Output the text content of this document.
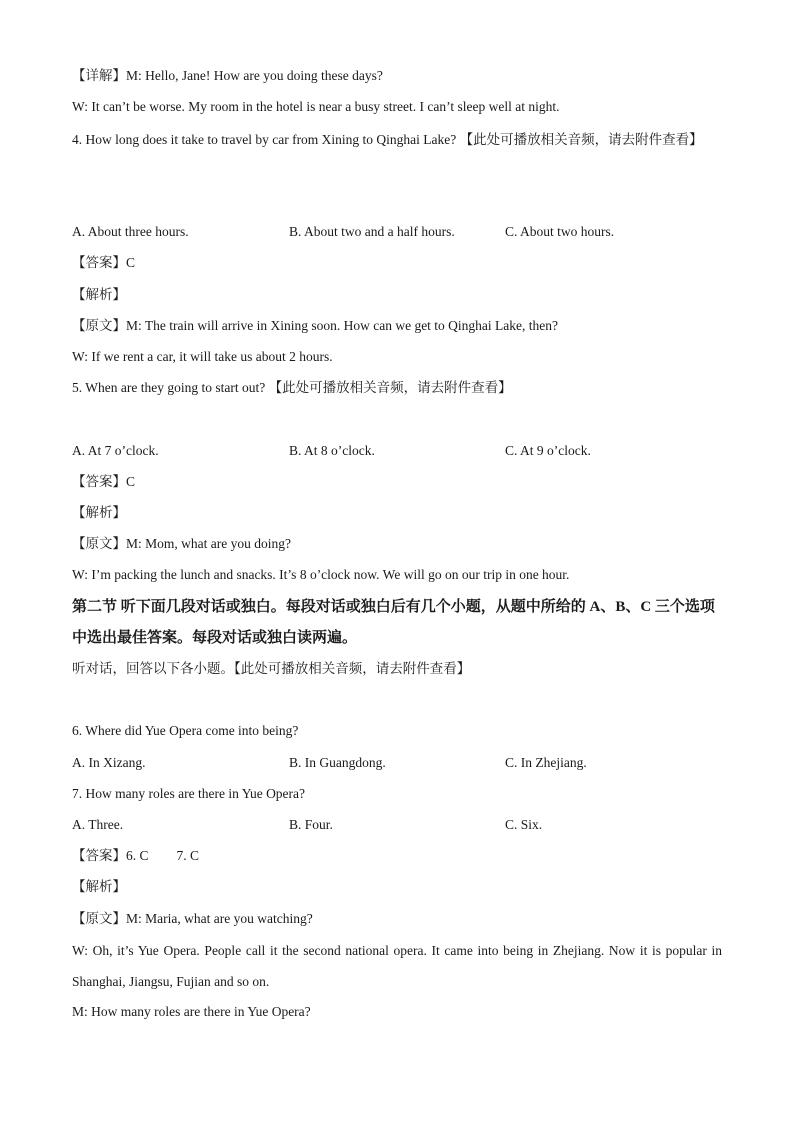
【详解】M: Hello, Jane! How are you doing these days?
W: It can’t be worse. My room in the hotel is near a busy street. I can’t sleep well at night.
4. How long does it take to travel by car from Xining to Qinghai Lake? 【此处可播放相关音频，请去附件查看】
A. About three hours.	B. About two and a half hours.	C. About two hours.
【答案】C
【解析】
【原文】M: The train will arrive in Xining soon. How can we get to Qinghai Lake, then?
W: If we rent a car, it will take us about 2 hours.
5. When are they going to start out? 【此处可播放相关音频，请去附件查看】
A. At 7 o’clock.	B. At 8 o’clock.	C. At 9 o’clock.
【答案】C
【解析】
【原文】M: Mom, what are you doing?
W: I’m packing the lunch and snacks. It’s 8 o’clock now. We will go on our trip in one hour.
第二节 听下面几段对话或独白。每段对话或独白后有几个小题，从题中所给的 A、B、C 三个选项中选出最佳答案。每段对话或独白读两遍。
听对话，回答以下各小题。【此处可播放相关音频，请去附件查看】
6. Where did Yue Opera come into being?
A. In Xizang.	B. In Guangdong.	C. In Zhejiang.
7. How many roles are there in Yue Opera?
A. Three.	B. Four.	C. Six.
【答案】6. C 7. C
【解析】
【原文】M: Maria, what are you watching?
W: Oh, it’s Yue Opera. People call it the second national opera. It came into being in Zhejiang. Now it is popular in Shanghai, Jiangsu, Fujian and so on.
M: How many roles are there in Yue Opera?
